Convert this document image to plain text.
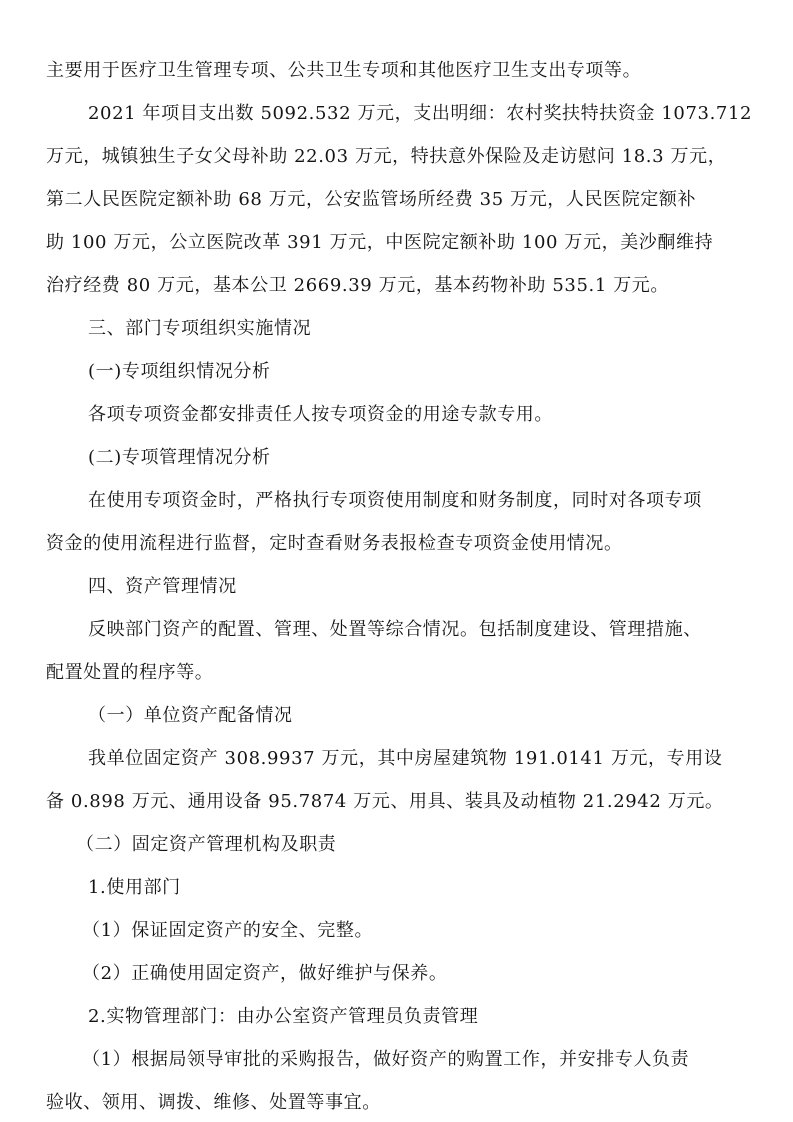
主要用于医疗卫生管理专项、公共卫生专项和其他医疗卫生支出专项等。
2021 年项目支出数 5092.532 万元，支出明细：农村奖扶特扶资金 1073.712
万元，城镇独生子女父母补助 22.03 万元，特扶意外保险及走访慰问 18.3 万元，
第二人民医院定额补助 68 万元，公安监管场所经费 35 万元，人民医院定额补
助 100 万元，公立医院改革 391 万元，中医院定额补助 100 万元，美沙酮维持
治疗经费 80 万元，基本公卫 2669.39 万元，基本药物补助 535.1 万元。
三、部门专项组织实施情况
(一)专项组织情况分析
各项专项资金都安排责任人按专项资金的用途专款专用。
(二)专项管理情况分析
在使用专项资金时，严格执行专项资使用制度和财务制度，同时对各项专项
资金的使用流程进行监督，定时查看财务表报检查专项资金使用情况。
四、资产管理情况
反映部门资产的配置、管理、处置等综合情况。包括制度建设、管理措施、
配置处置的程序等。
（一）单位资产配备情况
我单位固定资产 308.9937 万元，其中房屋建筑物 191.0141 万元，专用设
备 0.898 万元、通用设备 95.7874 万元、用具、装具及动植物 21.2942 万元。
（二）固定资产管理机构及职责
1.使用部门
（1）保证固定资产的安全、完整。
（2）正确使用固定资产，做好维护与保养。
2.实物管理部门：由办公室资产管理员负责管理
（1）根据局领导审批的采购报告，做好资产的购置工作，并安排专人负责
验收、领用、调拨、维修、处置等事宜。
